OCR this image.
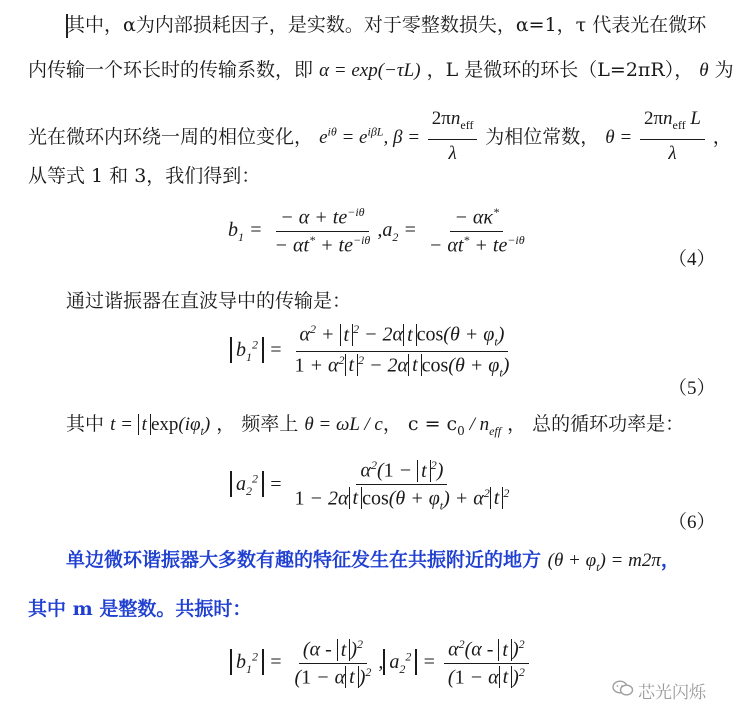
其中，α为内部损耗因子，是实数。对于零整数损失，α=1，τ 代表光在微环
内传输一个环长时的传输系数，即 α = exp(−τL) ，L 是微环的环长（L=2πR）， θ 为
光在微环内环绕一周的相位变化， $e^{i\theta} = e^{i\beta L}$, $\beta = \frac{2\pi n_{eff}}{\lambda}$ 为相位常数， $\theta = \frac{2\pi n_{eff} L}{\lambda}$ ，
从等式 1 和 3，我们得到：
$b_1 = \frac{- \alpha + te^{-i\theta}}{- \alpha t^* + te^{-i\theta}} ,a_2 = \frac{- \alpha\kappa^*}{- \alpha t^* + te^{-i\theta}}$
（4）
通过谐振器在直波导中的传输是：
$b_1^2 = \frac{\alpha^2 + t ^2 - 2\alpha t \cos(\theta + \varphi_t)}{1 + \alpha^2 t ^2 - 2\alpha t \cos(\theta + \varphi_t)}$
（5）
其中 t = t $\exp(i\varphi_t)$ ， 频率上 θ = ωL / c， $c = c_0 / n_{eff}$ ， 总的循环功率是：
$a_2^2 = \frac{\alpha^2(1 - t ^2)}{1 - 2\alpha t \cos(\theta + \varphi_t) + \alpha^2 t ^2}$
（6）
单边微环谐振器大多数有趣的特征发生在共振附近的地方 $(\theta + \varphi_t) = m2\pi$，
其中 m 是整数。共振时：
$b_1^2 = \frac{(\alpha - t )^2}{(1 - \alpha t )^2}$ , $a_2^2 = \frac{\alpha^2(\alpha - t )^2}{(1 - \alpha t )^2}$
芯光闪烁
